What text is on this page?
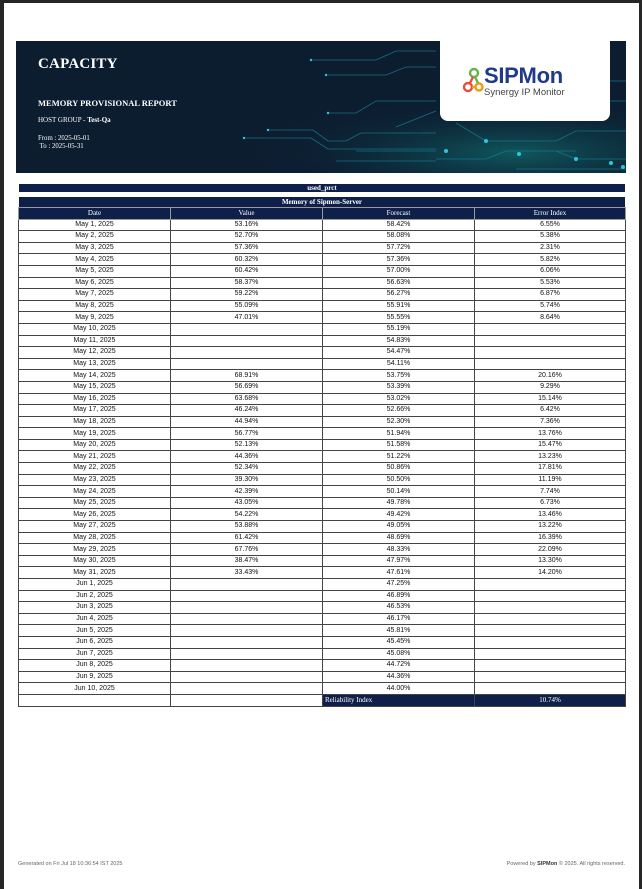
CAPACITY
MEMORY PROVISIONAL REPORT
HOST GROUP - Test-Qa
From : 2025-05-01
To : 2025-05-31
SIPMon
Synergy IP Monitor
used_prct
Memory of Sipmon-Server
Date	Value	Forecast	Error Index
May 1, 2025	53.16%	58.42%	6.55%
May 2, 2025	52.70%	58.08%	5.38%
May 3, 2025	57.36%	57.72%	2.31%
May 4, 2025	60.32%	57.36%	5.82%
May 5, 2025	60.42%	57.00%	6.06%
May 6, 2025	58.37%	56.63%	5.53%
May 7, 2025	59.22%	56.27%	6.87%
May 8, 2025	55.09%	55.91%	5.74%
May 9, 2025	47.01%	55.55%	8.64%
May 10, 2025		55.19%	
May 11, 2025		54.83%	
May 12, 2025		54.47%	
May 13, 2025		54.11%	
May 14, 2025	68.91%	53.75%	20.16%
May 15, 2025	56.69%	53.39%	9.29%
May 16, 2025	63.68%	53.02%	15.14%
May 17, 2025	46.24%	52.66%	6.42%
May 18, 2025	44.94%	52.30%	7.36%
May 19, 2025	56.77%	51.94%	13.76%
May 20, 2025	52.13%	51.58%	15.47%
May 21, 2025	44.36%	51.22%	13.23%
May 22, 2025	52.34%	50.86%	17.81%
May 23, 2025	39.30%	50.50%	11.19%
May 24, 2025	42.39%	50.14%	7.74%
May 25, 2025	43.05%	49.78%	6.73%
May 26, 2025	54.22%	49.42%	13.46%
May 27, 2025	53.88%	49.05%	13.22%
May 28, 2025	61.42%	48.69%	16.39%
May 29, 2025	67.76%	48.33%	22.09%
May 30, 2025	38.47%	47.97%	13.30%
May 31, 2025	33.43%	47.61%	14.20%
Jun 1, 2025		47.25%	
Jun 2, 2025		46.89%	
Jun 3, 2025		46.53%	
Jun 4, 2025		46.17%	
Jun 5, 2025		45.81%	
Jun 6, 2025		45.45%	
Jun 7, 2025		45.08%	
Jun 8, 2025		44.72%	
Jun 9, 2025		44.36%	
Jun 10, 2025		44.00%	
		Reliability Index	10.74%
Generated on Fri Jul 18 10:36:54 IST 2025	Powered by SIPMon © 2025. All rights reserved.
